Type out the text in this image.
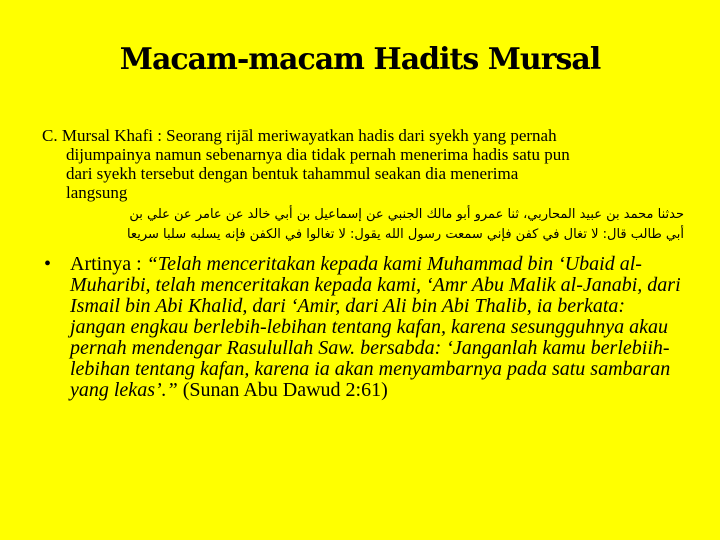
Macam-macam Hadits Mursal
C. Mursal Khafi : Seorang rijāl meriwayatkan hadis dari syekh yang pernah
dijumpainya namun sebenarnya dia tidak pernah menerima hadis satu pun
dari syekh tersebut dengan bentuk tahammul seakan dia menerima
langsung
حدثنا محمد بن عبيد المحاربي، ثنا عمرو أبو مالك الجنبي عن إسماعيل بن أبي خالد عن عامر عن علي بن
أبي طالب قال: لا تغال في كفن فإني سمعت رسول الله يقول: لا تغالوا في الكفن فإنه يسلبه سلبا سريعا
• Artinya : “Telah menceritakan kepada kami Muhammad bin ‘Ubaid al-Muharibi, telah menceritakan kepada kami, ‘Amr Abu Malik al-Janabi, dari Ismail bin Abi Khalid, dari ‘Amir, dari Ali bin Abi Thalib, ia berkata: jangan engkau berlebih-lebihan tentang kafan, karena sesungguhnya akau pernah mendengar Rasulullah Saw. bersabda: ‘Janganlah kamu berlebiih-lebihan tentang kafan, karena ia akan menyambarnya pada satu sambaran yang lekas’.” (Sunan Abu Dawud 2:61)
